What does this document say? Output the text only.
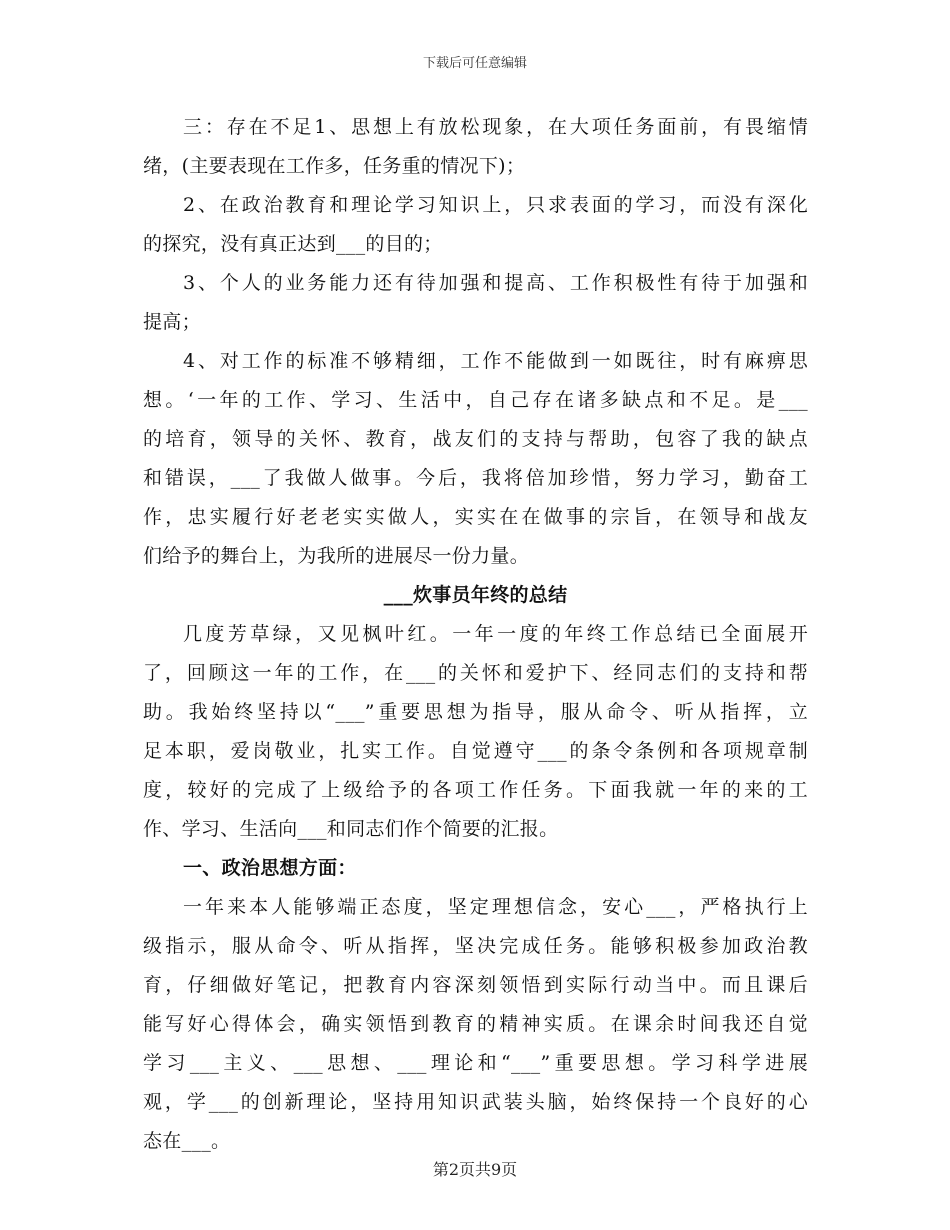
下载后可任意编辑
三：存在不足1、思想上有放松现象，在大项任务面前，有畏缩情
绪，(主要表现在工作多，任务重的情况下)；
2、在政治教育和理论学习知识上，只求表面的学习，而没有深化
的探究，没有真正达到___的目的；
3、个人的业务能力还有待加强和提高、工作积极性有待于加强和
提高；
4、对工作的标准不够精细，工作不能做到一如既往，时有麻痹思
想。‘一年的工作、学习、生活中，自己存在诸多缺点和不足。是___
的培育，领导的关怀、教育，战友们的支持与帮助，包容了我的缺点
和错误，___了我做人做事。今后，我将倍加珍惜，努力学习，勤奋工
作，忠实履行好老老实实做人，实实在在做事的宗旨，在领导和战友
们给予的舞台上，为我所的进展尽一份力量。
___炊事员年终的总结
几度芳草绿，又见枫叶红。一年一度的年终工作总结已全面展开
了，回顾这一年的工作，在___的关怀和爱护下、经同志们的支持和帮
助。我始终坚持以“___”重要思想为指导，服从命令、听从指挥，立
足本职，爱岗敬业，扎实工作。自觉遵守___的条令条例和各项规章制
度，较好的完成了上级给予的各项工作任务。下面我就一年的来的工
作、学习、生活向___和同志们作个简要的汇报。
一、政治思想方面：
一年来本人能够端正态度，坚定理想信念，安心___，严格执行上
级指示，服从命令、听从指挥，坚决完成任务。能够积极参加政治教
育，仔细做好笔记，把教育内容深刻领悟到实际行动当中。而且课后
能写好心得体会，确实领悟到教育的精神实质。在课余时间我还自觉
学习___主义、___思想、___理论和“___”重要思想。学习科学进展
观，学___的创新理论，坚持用知识武装头脑，始终保持一个良好的心
态在___。
第2页共9页
